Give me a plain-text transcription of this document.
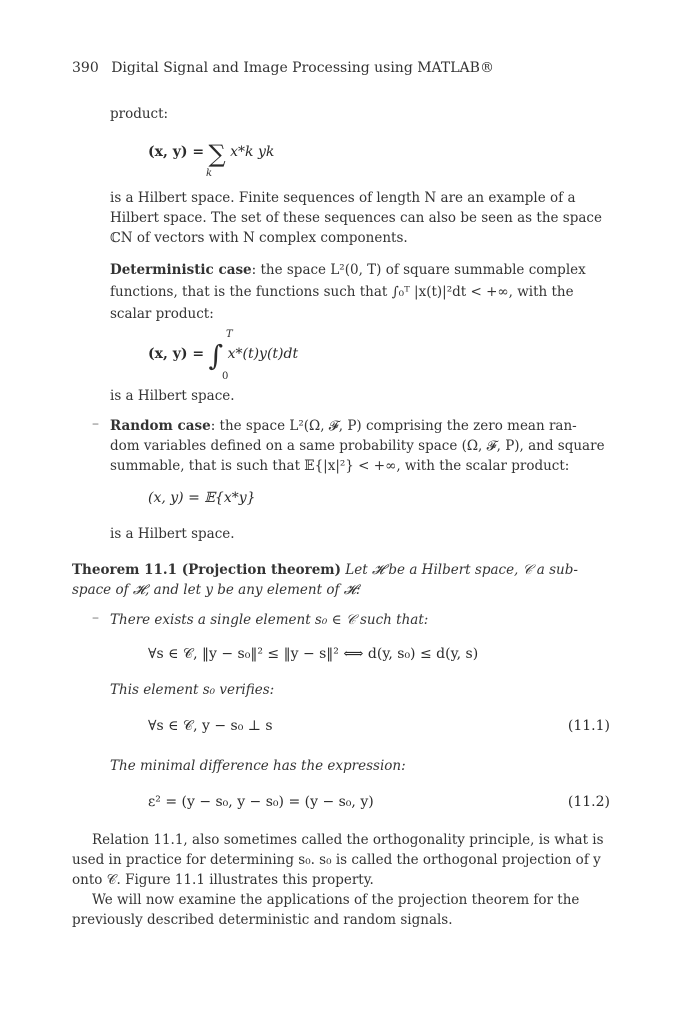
390 Digital Signal and Image Processing using MATLAB®
product:
(x, y) = ∑ x*k yk
k
is a Hilbert space. Finite sequences of length N are an example of a
Hilbert space. The set of these sequences can also be seen as the space
ℂN of vectors with N complex components.
Deterministic case: the space L²(0, T) of square summable complex
functions, that is the functions such that ∫₀ᵀ |x(t)|²dt < +∞, with the
scalar product:
(x, y) = ∫ x*(t)y(t)dt
T
0
is a Hilbert space.
– Random case: the space L²(Ω, 𝓕, P) comprising the zero mean ran-
dom variables defined on a same probability space (Ω, 𝓕, P), and square
summable, that is such that 𝔼{|x|²} < +∞, with the scalar product:
(x, y) = 𝔼{x*y}
is a Hilbert space.
Theorem 11.1 (Projection theorem) Let 𝓗 be a Hilbert space, 𝒞 a sub-
space of 𝓗, and let y be any element of 𝓗:
– There exists a single element s₀ ∈ 𝒞 such that:
∀s ∈ 𝒞, ‖y − s₀‖² ≤ ‖y − s‖² ⟺ d(y, s₀) ≤ d(y, s)
This element s₀ verifies:
∀s ∈ 𝒞, y − s₀ ⊥ s	(11.1)
The minimal difference has the expression:
ε² = (y − s₀, y − s₀) = (y − s₀, y)	(11.2)
Relation 11.1, also sometimes called the orthogonality principle, is what is
used in practice for determining s₀. s₀ is called the orthogonal projection of y
onto 𝒞. Figure 11.1 illustrates this property.
We will now examine the applications of the projection theorem for the
previously described deterministic and random signals.
